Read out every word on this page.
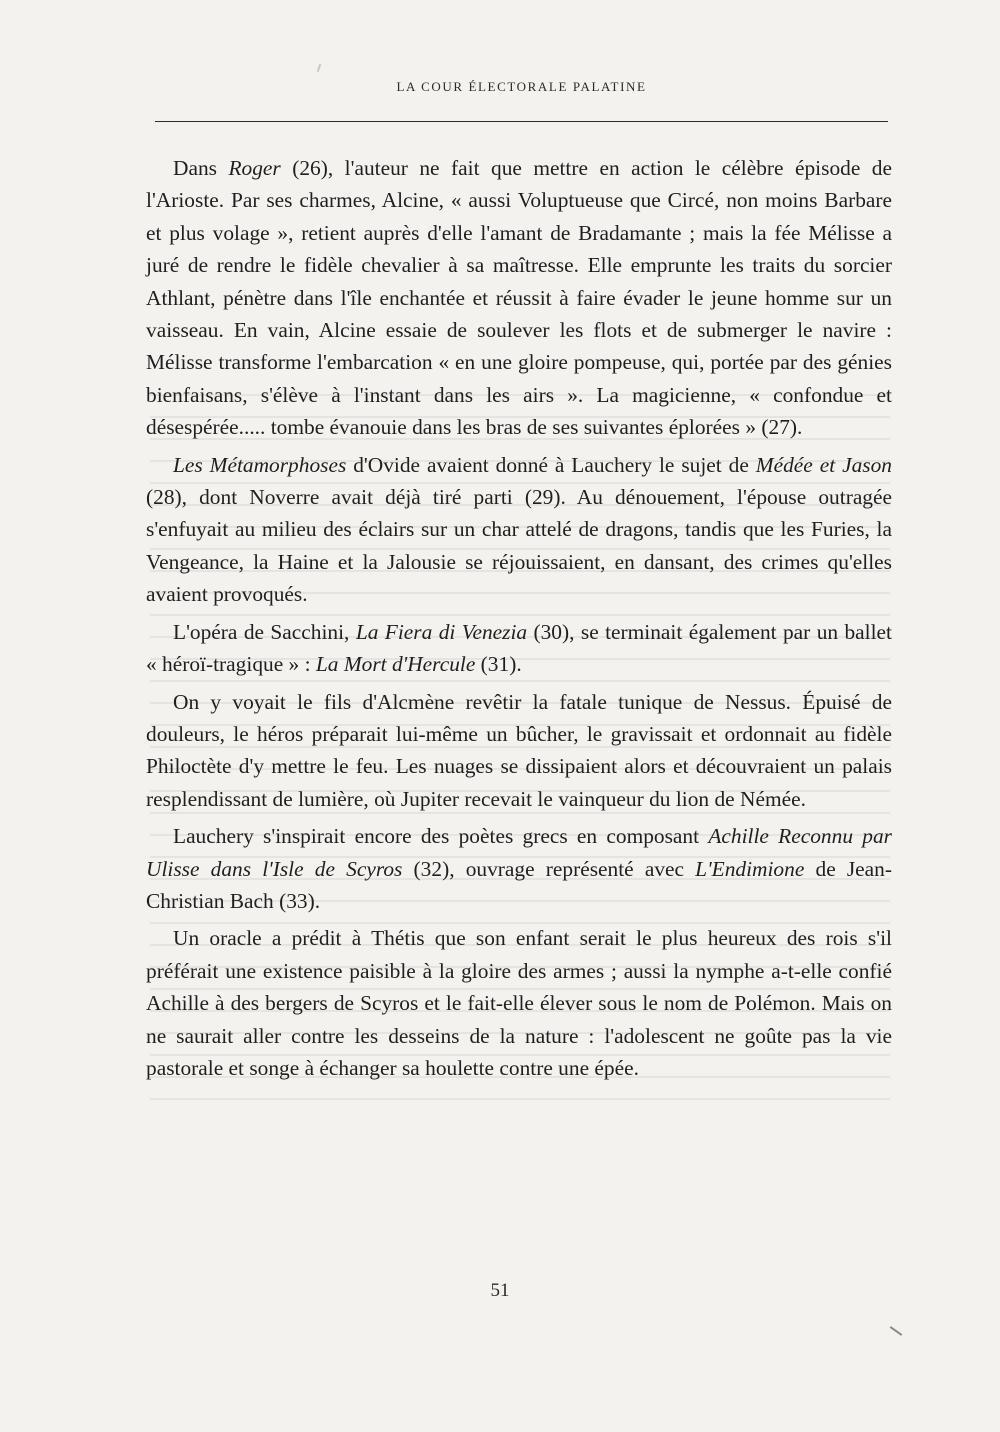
LA COUR ÉLECTORALE PALATINE

Dans Roger (26), l'auteur ne fait que mettre en action le célèbre épisode de l'Arioste. Par ses charmes, Alcine, « aussi Voluptueuse que Circé, non moins Barbare et plus volage », retient auprès d'elle l'amant de Bradamante ; mais la fée Mélisse a juré de rendre le fidèle chevalier à sa maîtresse. Elle emprunte les traits du sorcier Athlant, pénètre dans l'île enchantée et réussit à faire évader le jeune homme sur un vaisseau. En vain, Alcine essaie de soulever les flots et de submerger le navire : Mélisse transforme l'embarcation « en une gloire pompeuse, qui, portée par des génies bienfaisans, s'élève à l'instant dans les airs ». La magicienne, « confondue et désespérée..... tombe évanouie dans les bras de ses suivantes éplorées » (27).

Les Métamorphoses d'Ovide avaient donné à Lauchery le sujet de Médée et Jason (28), dont Noverre avait déjà tiré parti (29). Au dénouement, l'épouse outragée s'enfuyait au milieu des éclairs sur un char attelé de dragons, tandis que les Furies, la Vengeance, la Haine et la Jalousie se réjouissaient, en dansant, des crimes qu'elles avaient provoqués.

L'opéra de Sacchini, La Fiera di Venezia (30), se terminait également par un ballet « héroï-tragique » : La Mort d'Hercule (31).

On y voyait le fils d'Alcmène revêtir la fatale tunique de Nessus. Épuisé de douleurs, le héros préparait lui-même un bûcher, le gravissait et ordonnait au fidèle Philoctète d'y mettre le feu. Les nuages se dissipaient alors et découvraient un palais resplendissant de lumière, où Jupiter recevait le vainqueur du lion de Némée.

Lauchery s'inspirait encore des poètes grecs en composant Achille Reconnu par Ulisse dans l'Isle de Scyros (32), ouvrage représenté avec L'Endimione de Jean-Christian Bach (33).

Un oracle a prédit à Thétis que son enfant serait le plus heureux des rois s'il préférait une existence paisible à la gloire des armes ; aussi la nymphe a-t-elle confié Achille à des bergers de Scyros et le fait-elle élever sous le nom de Polémon. Mais on ne saurait aller contre les desseins de la nature : l'adolescent ne goûte pas la vie pastorale et songe à échanger sa houlette contre une épée.

51
